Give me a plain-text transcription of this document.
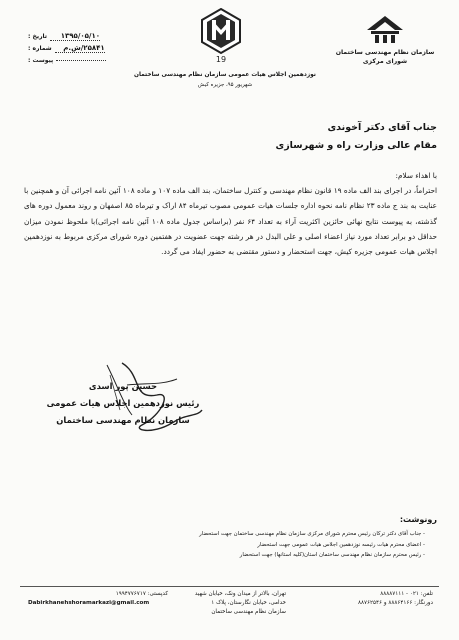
سازمان نظام مهندسی ساختمان
شورای مرکزی
تاریخ :	۱۳۹۵/۰۵/۱۰
شماره :	۲۵۸۴۱/ش.م
پیوست :	19
نوزدهمین اجلاس هیات عمومی سازمان نظام مهندسی ساختمان
شهریور ۹۵، جزیره کیش
جناب آقای دکتر آخوندی
مقام عالی وزارت راه و شهرسازی
با اهداء سلام:
احتراماً، در اجرای بند الف ماده ۱۹ قانون نظام مهندسی و کنترل ساختمان، بند الف ماده ۱۰۷ و ماده ۱۰۸ آئین نامه اجرائی آن و همچنین با عنایت به بند ج ماده ۲۳ نظام نامه نحوه اداره جلسات هیات عمومی مصوب تیرماه ۸۴ اراک و تیرماه ۸۵ اصفهان و روند معمول دوره های گذشته، به پیوست نتایج نهائی حائزین اکثریت آراء به تعداد ۶۴ نفر (براساس جدول ماده ۱۰۸ آئین نامه اجرائی)با ملحوظ نمودن میزان حداقل دو برابر تعداد مورد نیاز اعضاء اصلی و علی البدل در هر رشته جهت عضویت در هفتمین دوره شورای مرکزی مربوط به نوزدهمین اجلاس هیات عمومی جزیره کیش، جهت استحضار و دستور مقتضی به حضور ایفاد می گردد.
حسین پور اسدی
رئیس نوزدهمین اجلاس هیات عمومی
سازمان نظام مهندسی ساختمان
رونوشت:
- جناب آقای دکتر ترکان رئیس محترم شورای مرکزی سازمان نظام مهندسی ساختمان جهت استحضار
- اعضای محترم هیات رئیسه نوزدهمین اجلاس هیات عمومی جهت استحضار
- رئیس محترم سازمان نظام مهندسی ساختمان استان(کلیه استانها) جهت استحضار
تلفن: ۰۲۱ - ۸۸۸۸۷۱۱۱
دورنگار: ۸۸۸۶۴۱۶۶ و ۸۸۷۶۲۵۴۶
تهران، بالاتر از میدان ونک، خیابان شهید
خدامی، خیابان نگارستان، پلاک ۱
سازمان نظام مهندسی ساختمان
کدپستی: ۱۹۹۴۷۷۶۷۱۷
Dabirkhanehshoramarkazi@gmail.com
